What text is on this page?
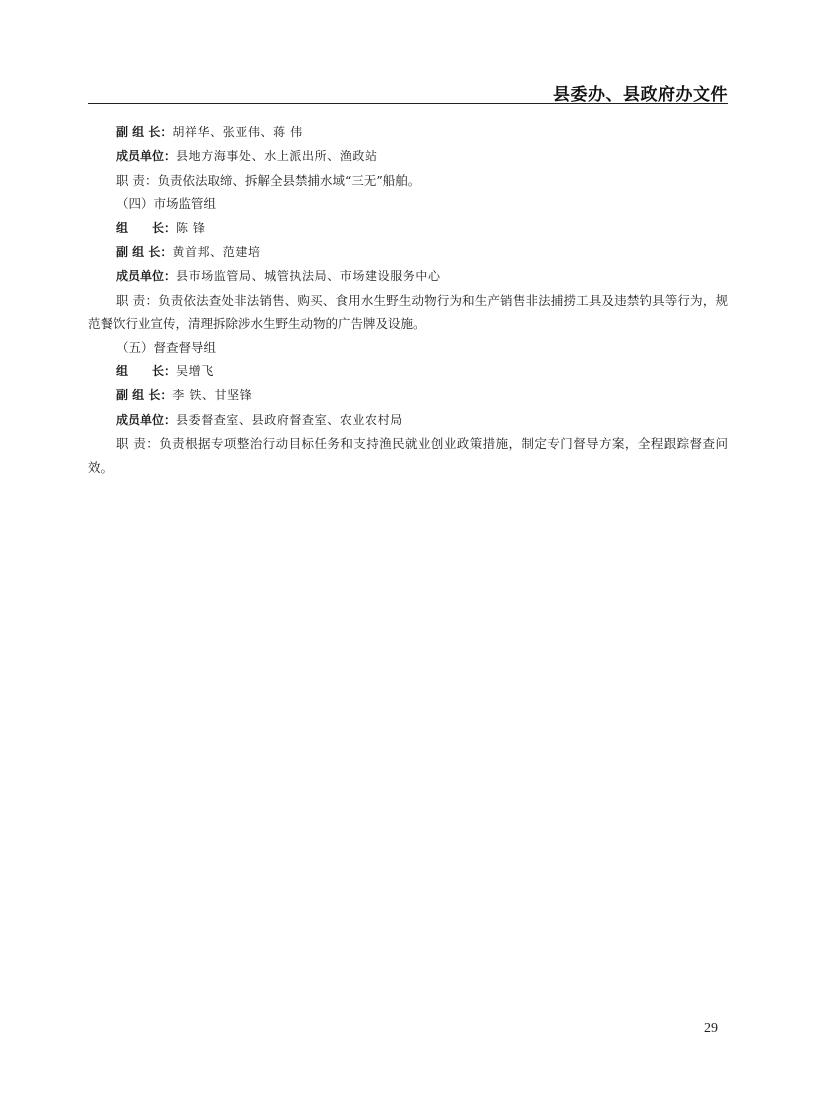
县委办、县政府办文件

副 组 长：胡祥华、张亚伟、蒋 伟

成员单位：县地方海事处、水上派出所、渔政站

职 责：负责依法取缔、拆解全县禁捕水域“三无”船舶。

（四）市场监管组

组　　长：陈 锋

副 组 长：黄首邦、范建培

成员单位：县市场监管局、城管执法局、市场建设服务中心

职 责：负责依法查处非法销售、购买、食用水生野生动物行为和生产销售非法捕捞工具及违禁钓具等行为，规范餐饮行业宣传，清理拆除涉水生野生动物的广告牌及设施。

（五）督查督导组

组　　长：吴增飞

副 组 长：李 铁、甘坚锋

成员单位：县委督查室、县政府督查室、农业农村局

职 责：负责根据专项整治行动目标任务和支持渔民就业创业政策措施，制定专门督导方案，全程跟踪督查问效。

29
